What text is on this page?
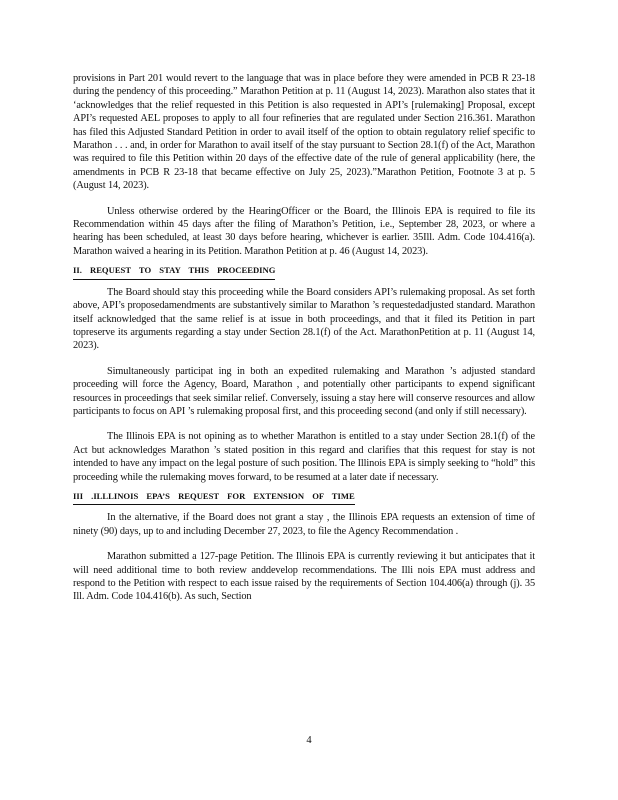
provisions in Part 201 would revert to the language that was in place before they were amended in PCB R 23-18 during the pendency of this proceeding.” Marathon Petition at p. 11 (August 14, 2023). Marathon also states that it ‘acknowledges that the relief requested in this Petition is also requested in API’s [rulemaking] Proposal, except API’s requested AEL proposes to apply to all four refineries that are regulated under Section 216.361. Marathon has filed this Adjusted Standard Petition in order to avail itself of the option to obtain regulatory relief specific to Marathon . . . and, in order for Marathon to avail itself of the stay pursuant to Section 28.1(f) of the Act, Marathon was required to file this Petition within 20 days of the effective date of the rule of general applicability (here, the amendments in PCB R 23-18 that became effective on July 25, 2023).”Marathon Petition, Footnote 3 at p. 5 (August 14, 2023).

Unless otherwise ordered by the HearingOfficer or the Board, the Illinois EPA is required to file its Recommendation within 45 days after the filing of Marathon’s Petition, i.e., September 28, 2023, or where a hearing has been scheduled, at least 30 days before hearing, whichever is earlier. 35Ill. Adm. Code 104.416(a). Marathon waived a hearing in its Petition. Marathon Petition at p. 46 (August 14, 2023).

II. REQUEST TO STAY THIS PROCEEDING

The Board should stay this proceeding while the Board considers API’s rulemaking proposal. As set forth above, API’s proposedamendments are substantively similar to Marathon ’s requestedadjusted standard. Marathon itself acknowledged that the same relief is at issue in both proceedings, and that it filed its Petition in part topreserve its arguments regarding a stay under Section 28.1(f) of the Act. MarathonPetition at p. 11 (August 14, 2023).

Simultaneously participat ing in both an expedited rulemaking and Marathon ’s adjusted standard proceeding will force the Agency, Board, Marathon , and potentially other participants to expend significant resources in proceedings that seek similar relief. Conversely, issuing a stay here will conserve resources and allow participants to focus on API ’s rulemaking proposal first, and this proceeding second (and only if still necessary).

The Illinois EPA is not opining as to whether Marathon is entitled to a stay under Section 28.1(f) of the Act but acknowledges Marathon ’s stated position in this regard and clarifies that this request for stay is not intended to have any impact on the legal posture of such position. The Illinois EPA is simply seeking to “hold” this proceeding while the rulemaking moves forward, to be resumed at a later date if necessary.

III .ILLLINOIS EPA’S REQUEST FOR EXTENSION OF TIME

In the alternative, if the Board does not grant a stay , the Illinois EPA requests an extension of time of ninety (90) days, up to and including December 27, 2023, to file the Agency Recommendation .

Marathon submitted a 127-page Petition. The Illinois EPA is currently reviewing it but anticipates that it will need additional time to both review anddevelop recommendations. The Illi nois EPA must address and respond to the Petition with respect to each issue raised by the requirements of Section 104.406(a) through (j). 35 Ill. Adm. Code 104.416(b). As such, Section

4
